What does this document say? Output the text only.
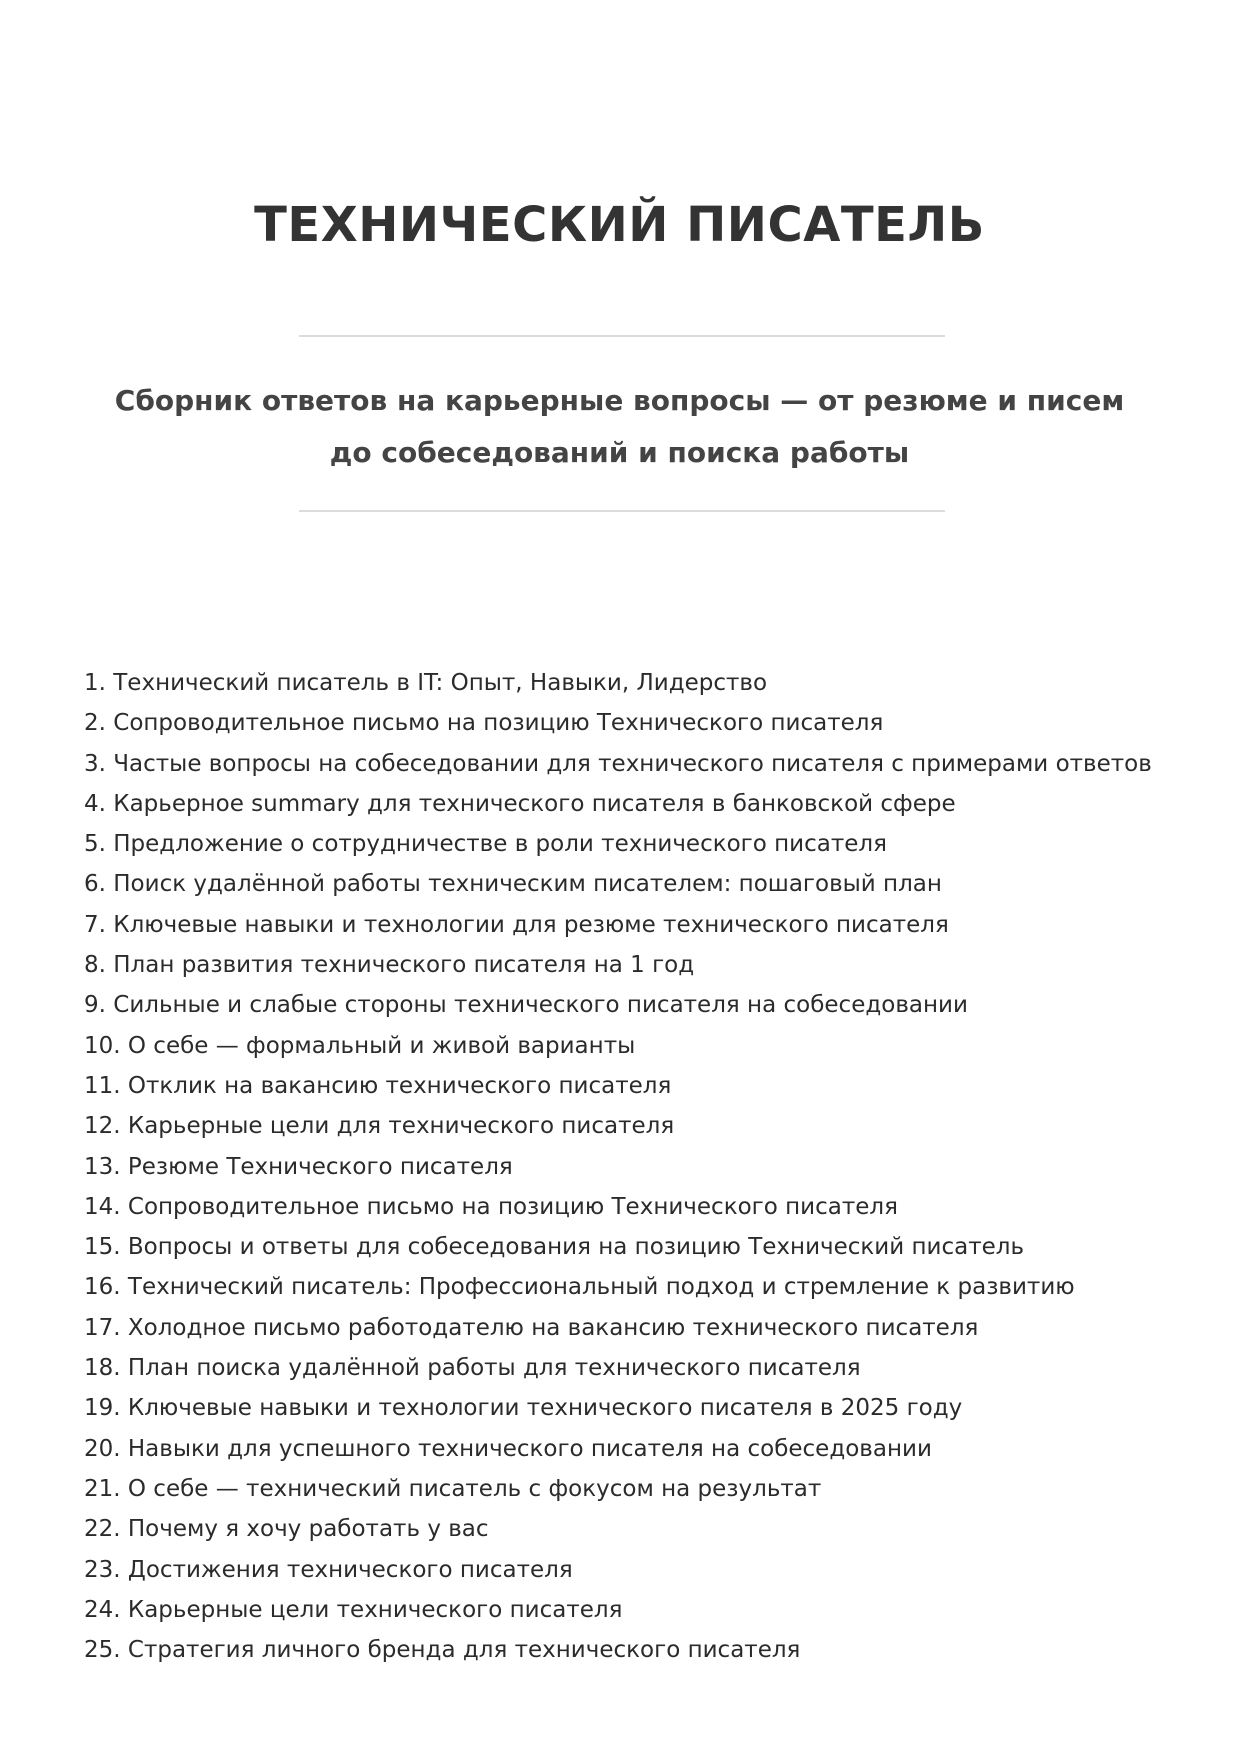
ТЕХНИЧЕСКИЙ ПИСАТЕЛЬ
Сборник ответов на карьерные вопросы — от резюме и писем до собеседований и поиска работы
1. Технический писатель в IT: Опыт, Навыки, Лидерство
2. Сопроводительное письмо на позицию Технического писателя
3. Частые вопросы на собеседовании для технического писателя с примерами ответов
4. Карьерное summary для технического писателя в банковской сфере
5. Предложение о сотрудничестве в роли технического писателя
6. Поиск удалённой работы техническим писателем: пошаговый план
7. Ключевые навыки и технологии для резюме технического писателя
8. План развития технического писателя на 1 год
9. Сильные и слабые стороны технического писателя на собеседовании
10. О себе — формальный и живой варианты
11. Отклик на вакансию технического писателя
12. Карьерные цели для технического писателя
13. Резюме Технического писателя
14. Сопроводительное письмо на позицию Технического писателя
15. Вопросы и ответы для собеседования на позицию Технический писатель
16. Технический писатель: Профессиональный подход и стремление к развитию
17. Холодное письмо работодателю на вакансию технического писателя
18. План поиска удалённой работы для технического писателя
19. Ключевые навыки и технологии технического писателя в 2025 году
20. Навыки для успешного технического писателя на собеседовании
21. О себе — технический писатель с фокусом на результат
22. Почему я хочу работать у вас
23. Достижения технического писателя
24. Карьерные цели технического писателя
25. Стратегия личного бренда для технического писателя
